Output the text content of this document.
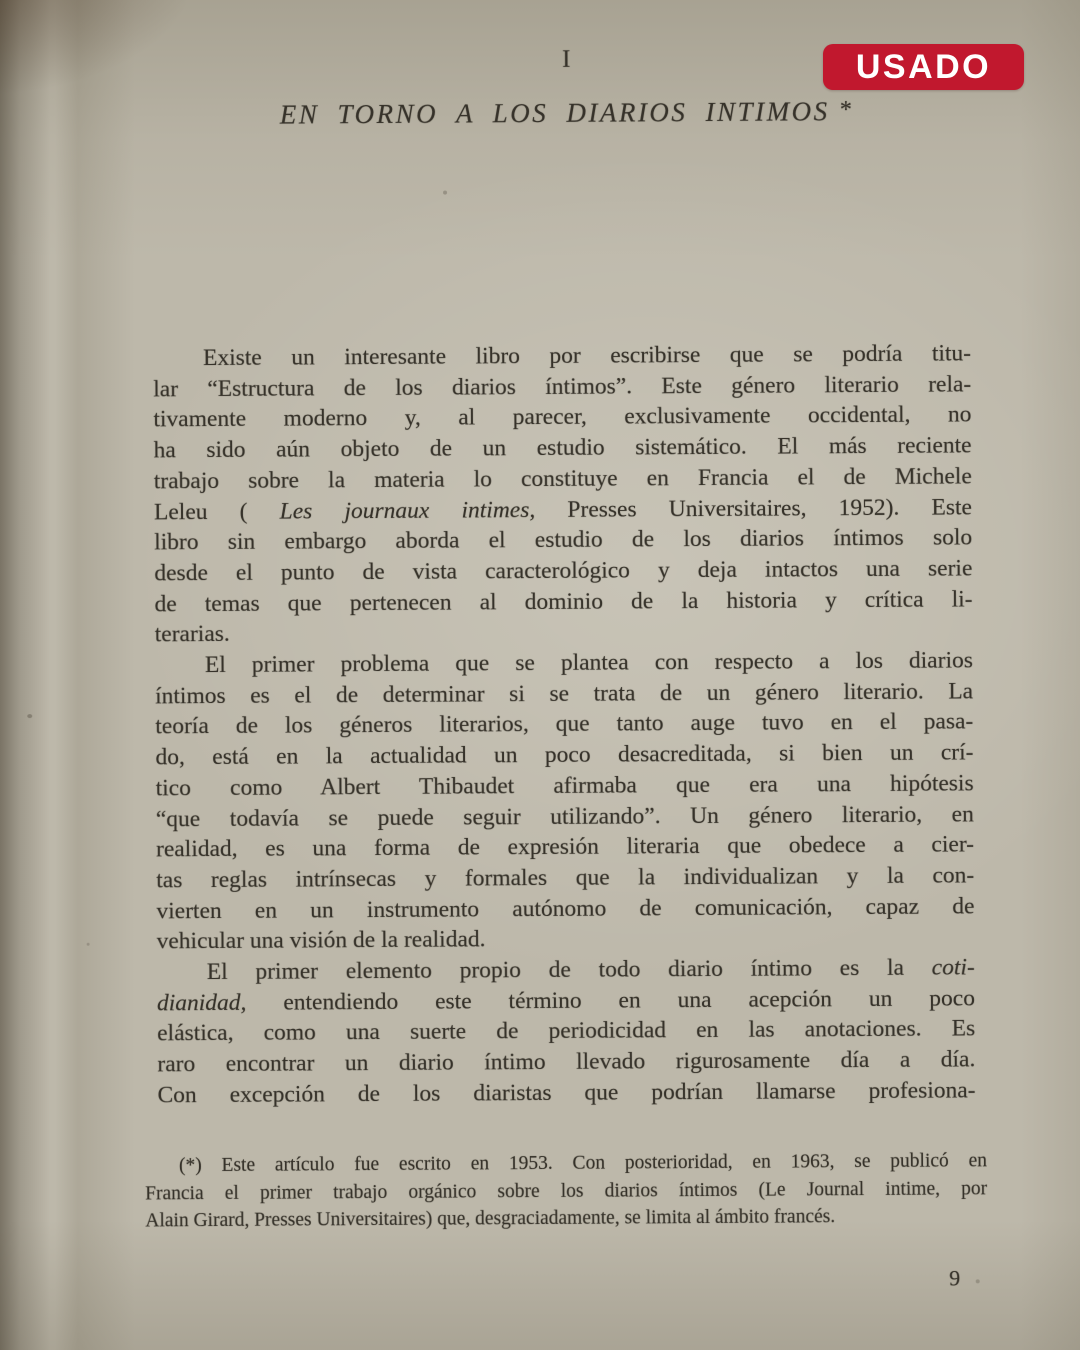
I
EN TORNO A LOS DIARIOS INTIMOS *
Existe un interesante libro por escribirse que se podría titu-
lar “Estructura de los diarios íntimos”. Este género literario rela-
tivamente moderno y, al parecer, exclusivamente occidental, no
ha sido aún objeto de un estudio sistemático. El más reciente
trabajo sobre la materia lo constituye en Francia el de Michele
Leleu ( Les journaux intimes, Presses Universitaires, 1952). Este
libro sin embargo aborda el estudio de los diarios íntimos solo
desde el punto de vista caracterológico y deja intactos una serie
de temas que pertenecen al dominio de la historia y crítica li-
terarias.
El primer problema que se plantea con respecto a los diarios
íntimos es el de determinar si se trata de un género literario. La
teoría de los géneros literarios, que tanto auge tuvo en el pasa-
do, está en la actualidad un poco desacreditada, si bien un crí-
tico como Albert Thibaudet afirmaba que era una hipótesis
“que todavía se puede seguir utilizando”. Un género literario, en
realidad, es una forma de expresión literaria que obedece a cier-
tas reglas intrínsecas y formales que la individualizan y la con-
vierten en un instrumento autónomo de comunicación, capaz de
vehicular una visión de la realidad.
El primer elemento propio de todo diario íntimo es la coti-
dianidad, entendiendo este término en una acepción un poco
elástica, como una suerte de periodicidad en las anotaciones. Es
raro encontrar un diario íntimo llevado rigurosamente día a día.
Con excepción de los diaristas que podrían llamarse profesiona-
(*) Este artículo fue escrito en 1953. Con posterioridad, en 1963, se publicó en
Francia el primer trabajo orgánico sobre los diarios íntimos (Le Journal intime, por
Alain Girard, Presses Universitaires) que, desgraciadamente, se limita al ámbito francés.
9
USADO
